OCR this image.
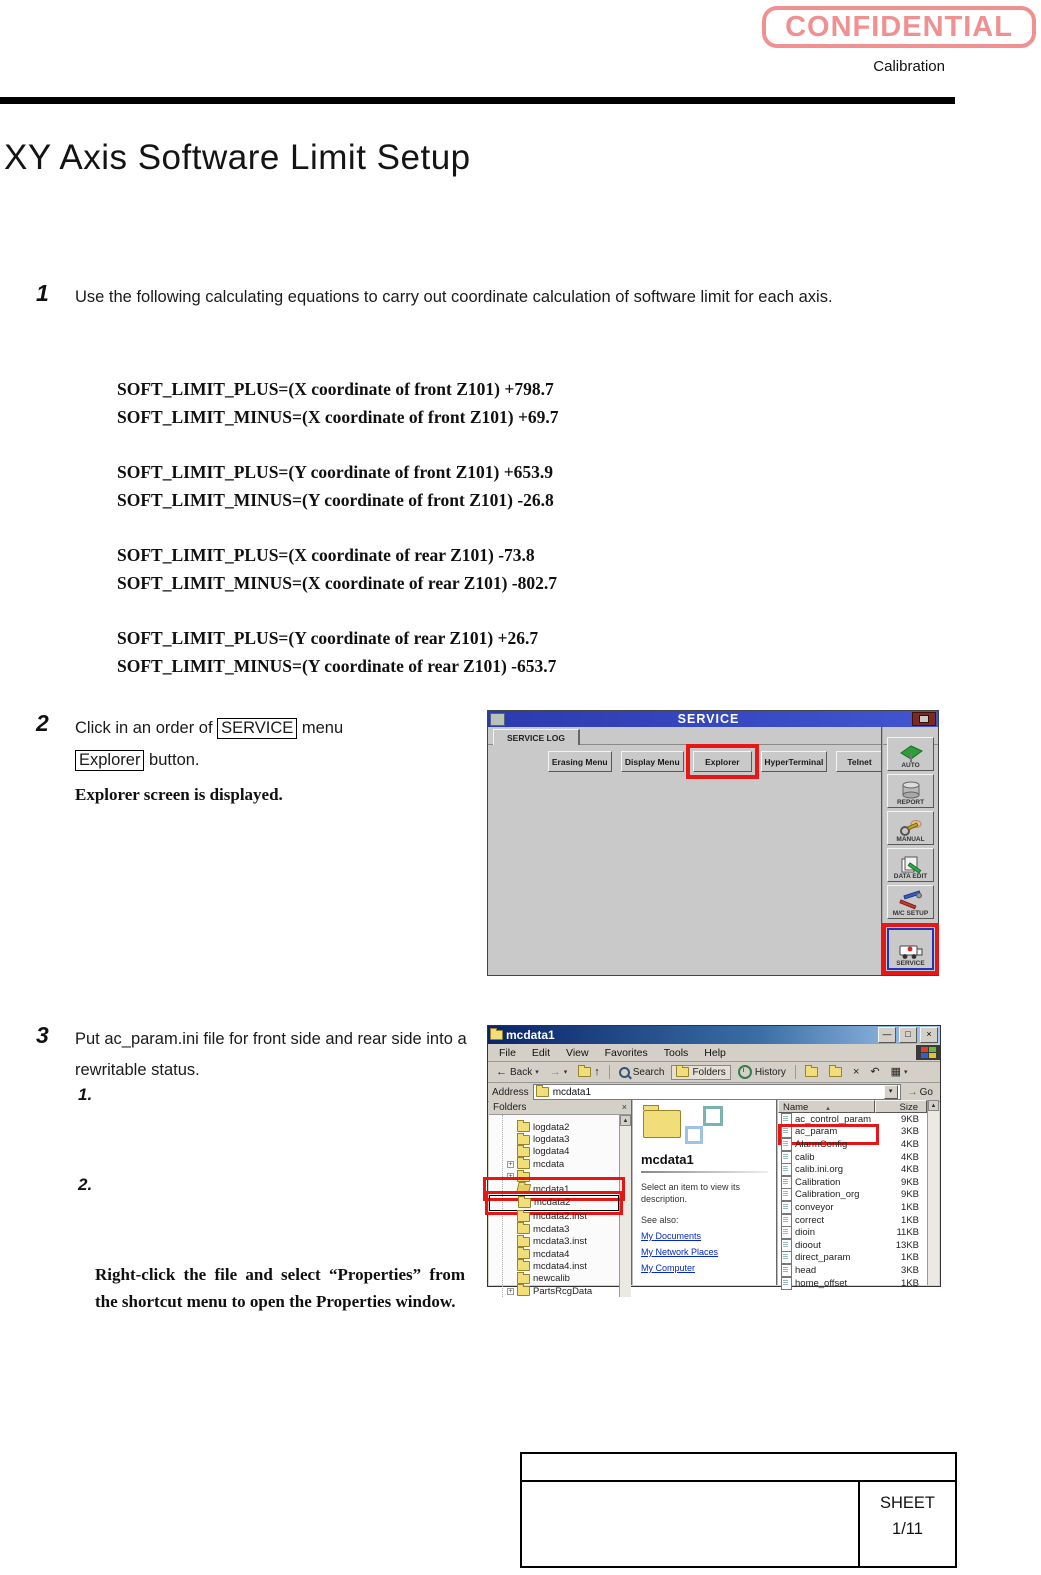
CONFIDENTIAL
Calibration
XY Axis Software Limit Setup
1 Use the following calculating equations to carry out coordinate calculation of software limit for each axis.
SOFT_LIMIT_PLUS=(X coordinate of front Z101) +798.7
SOFT_LIMIT_MINUS=(X coordinate of front Z101) +69.7
SOFT_LIMIT_PLUS=(Y coordinate of front Z101) +653.9
SOFT_LIMIT_MINUS=(Y coordinate of front Z101) -26.8
SOFT_LIMIT_PLUS=(X coordinate of rear Z101) -73.8
SOFT_LIMIT_MINUS=(X coordinate of rear Z101) -802.7
SOFT_LIMIT_PLUS=(Y coordinate of rear Z101) +26.7
SOFT_LIMIT_MINUS=(Y coordinate of rear Z101) -653.7
2 Click in an order of SERVICE menu
Explorer button.
Explorer screen is displayed.
SERVICE
SERVICE LOG
Erasing Menu	Display Menu	Explorer	HyperTerminal	Telnet	AUTO
REPORT
MANUAL
DATA EDIT
M/C SETUP
SERVICE
3 Put ac_param.ini file for front side and rear side into a rewritable status.
1.
2.
Right-click the file and select “Properties” from the shortcut menu to open the Properties window.
mcdata1	—	□	×
File	Edit	View	Favorites	Tools	Help
← Back ▾ → ▾ ↑	Search	Folders	History	× ↶ ▦ ▾
Address mcdata1	▾	→ Go
Folders	×
logdata2
logdata3
logdata4
+ mcdata
+
mcdata1
mcdata2
mcdata2.inst
mcdata3
mcdata3.inst
mcdata4
mcdata4.inst
newcalib
+ PartsRcgData
▲
mcdata1
Select an item to view its description.
See also:
My Documents
My Network Places
My Computer
Name	▲	Size
ac_control_param	9KB
ac_param	3KB
AlarmConfig	4KB
calib	4KB
calib.ini.org	4KB
Calibration	9KB
Calibration_org	9KB
conveyor	1KB
correct	1KB
dioin	11KB
dioout	13KB
direct_param	1KB
head	3KB
home_offset	1KB
▲
SHEET
1/11
